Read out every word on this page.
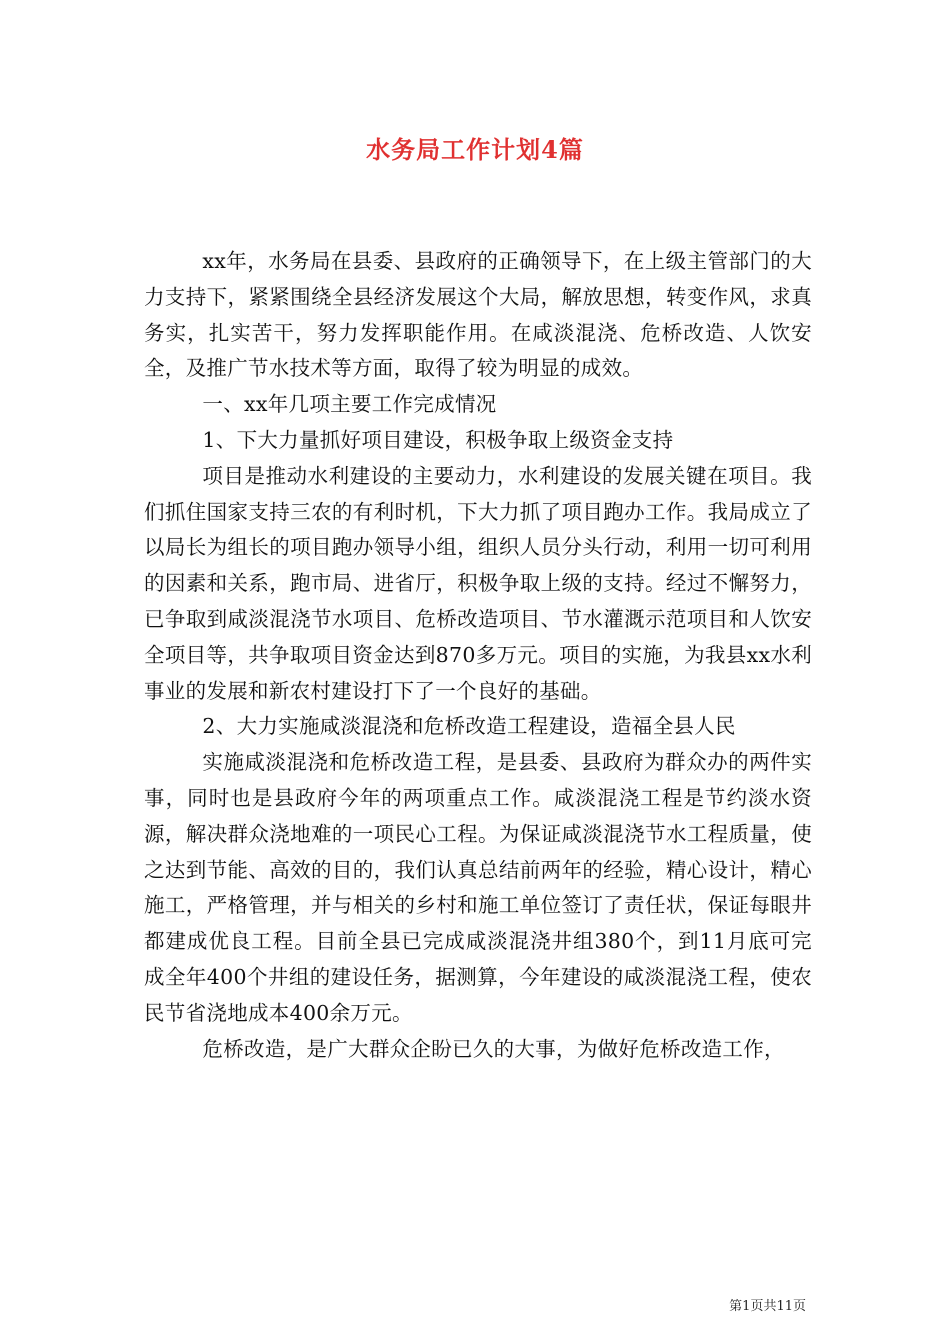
水务局工作计划4篇

xx年，水务局在县委、县政府的正确领导下，在上级主管部门的大力支持下，紧紧围绕全县经济发展这个大局，解放思想，转变作风，求真务实，扎实苦干，努力发挥职能作用。在咸淡混浇、危桥改造、人饮安全，及推广节水技术等方面，取得了较为明显的成效。

一、xx年几项主要工作完成情况

1、下大力量抓好项目建设，积极争取上级资金支持

项目是推动水利建设的主要动力，水利建设的发展关键在项目。我们抓住国家支持三农的有利时机，下大力抓了项目跑办工作。我局成立了以局长为组长的项目跑办领导小组，组织人员分头行动，利用一切可利用的因素和关系，跑市局、进省厅，积极争取上级的支持。经过不懈努力，已争取到咸淡混浇节水项目、危桥改造项目、节水灌溉示范项目和人饮安全项目等，共争取项目资金达到870多万元。项目的实施，为我县xx水利事业的发展和新农村建设打下了一个良好的基础。

2、大力实施咸淡混浇和危桥改造工程建设，造福全县人民

实施咸淡混浇和危桥改造工程，是县委、县政府为群众办的两件实事，同时也是县政府今年的两项重点工作。咸淡混浇工程是节约淡水资源，解决群众浇地难的一项民心工程。为保证咸淡混浇节水工程质量，使之达到节能、高效的目的，我们认真总结前两年的经验，精心设计，精心施工，严格管理，并与相关的乡村和施工单位签订了责任状，保证每眼井都建成优良工程。目前全县已完成咸淡混浇井组380个，到11月底可完成全年400个井组的建设任务，据测算，今年建设的咸淡混浇工程，使农民节省浇地成本400余万元。

危桥改造，是广大群众企盼已久的大事，为做好危桥改造工作，

第1页共11页
